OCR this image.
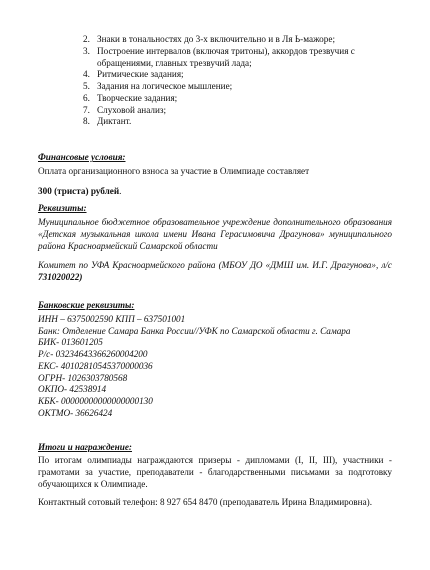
2. Знаки в тональностях до 3-х включительно и в Ля Ь-мажоре;
3. Построение интервалов (включая тритоны), аккордов трезвучия с
обращениями, главных трезвучий лада;
4. Ритмические задания;
5. Задания на логическое мышление;
6. Творческие задания;
7. Слуховой анализ;
8. Диктант.
Финансовые условия:
Оплата организационного взноса за участие в Олимпиаде составляет
300 (триста) рублей.
Реквизиты:
Муниципальное бюджетное образовательное учреждение дополнительного образования «Детская музыкальная школа имени Ивана Герасимовича Драгунова» муниципального района Красноармейский Самарской области
Комитет по УФА Красноармейского района (МБОУ ДО «ДМШ им. И.Г. Драгунова», л/с 731020022)
Банковские реквизиты:
ИНН – 6375002590 КПП – 637501001
Банк: Отделение Самара Банка России//УФК по Самарской области г. Самара
БИК- 013601205
Р/с- 03234643366260004200
ЕКС- 40102810545370000036
ОГРН- 1026303780568
ОКПО- 42538914
КБК- 00000000000000000130
ОКТМО- 36626424
Итоги и награждение:
По итогам олимпиады награждаются призеры - дипломами (I, II, III), участники - грамотами за участие, преподаватели - благодарственными письмами за подготовку обучающихся к Олимпиаде.
Контактный сотовый телефон: 8 927 654 8470 (преподаватель Ирина Владимировна).
